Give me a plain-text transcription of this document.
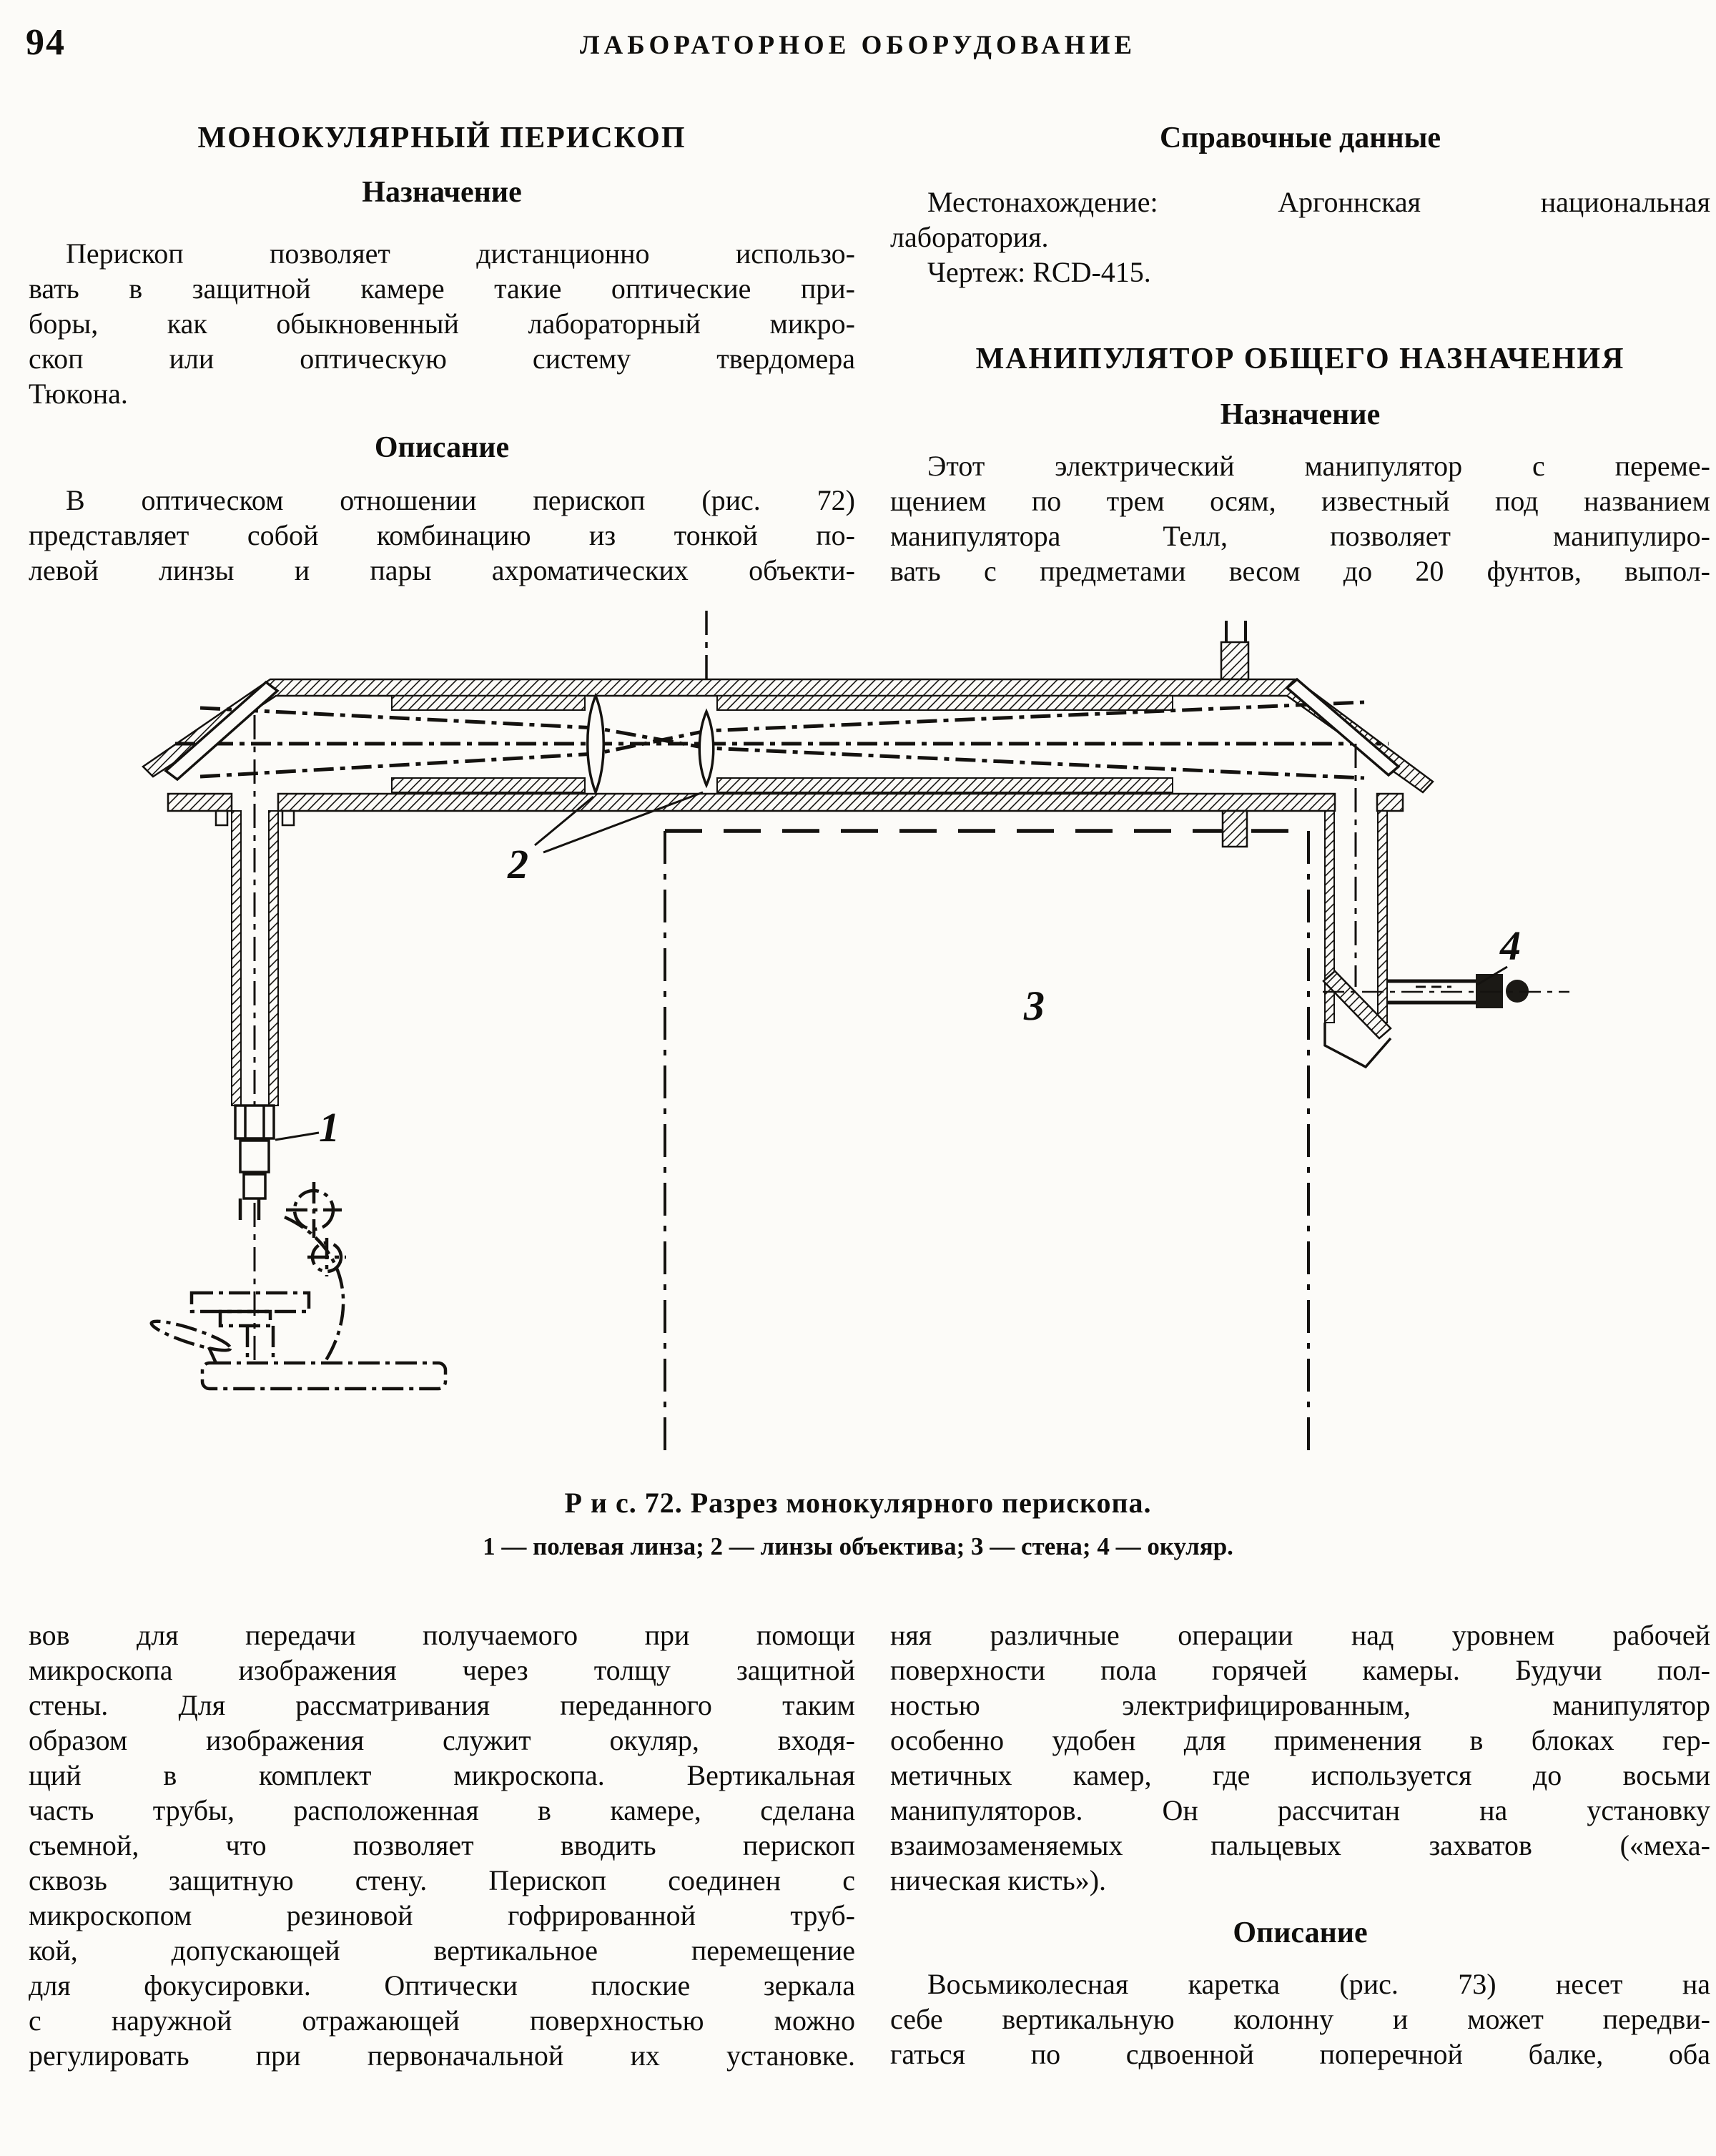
94	ЛАБОРАТОРНОЕ ОБОРУДОВАНИЕ
МОНОКУЛЯРНЫЙ ПЕРИСКОП
Назначение
Перископ позволяет дистанционно использо-
вать в защитной камере такие оптические при-
боры, как обыкновенный лабораторный микро-
скоп или оптическую систему твердомера
Тюкона.
Описание
В оптическом отношении перископ (рис. 72)
представляет собой комбинацию из тонкой по-
левой линзы и пары ахроматических объекти-
Справочные данные
Местонахождение: Аргоннская национальная
лаборатория.
Чертеж: RCD-415.
МАНИПУЛЯТОР ОБЩЕГО НАЗНАЧЕНИЯ
Назначение
Этот электрический манипулятор с переме-
щением по трем осям, известный под названием
манипулятора Телл, позволяет манипулиро-
вать с предметами весом до 20 фунтов, выпол-
1
2
3
4
Р и с. 72. Разрез монокулярного перископа.
1 — полевая линза; 2 — линзы объектива; 3 — стена; 4 — окуляр.
вов для передачи получаемого при помощи
микроскопа изображения через толщу защитной
стены. Для рассматривания переданного таким
образом изображения служит окуляр, входя-
щий в комплект микроскопа. Вертикальная
часть трубы, расположенная в камере, сделана
съемной, что позволяет вводить перископ
сквозь защитную стену. Перископ соединен с
микроскопом резиновой гофрированной труб-
кой, допускающей вертикальное перемещение
для фокусировки. Оптически плоские зеркала
с наружной отражающей поверхностью можно
регулировать при первоначальной их установке.
няя различные операции над уровнем рабочей
поверхности пола горячей камеры. Будучи пол-
ностью электрифицированным, манипулятор
особенно удобен для применения в блоках гер-
метичных камер, где используется до восьми
манипуляторов. Он рассчитан на установку
взаимозаменяемых пальцевых захватов («меха-
ническая кисть»).
Описание
Восьмиколесная каретка (рис. 73) несет на
себе вертикальную колонну и может передви-
гаться по сдвоенной поперечной балке, оба
